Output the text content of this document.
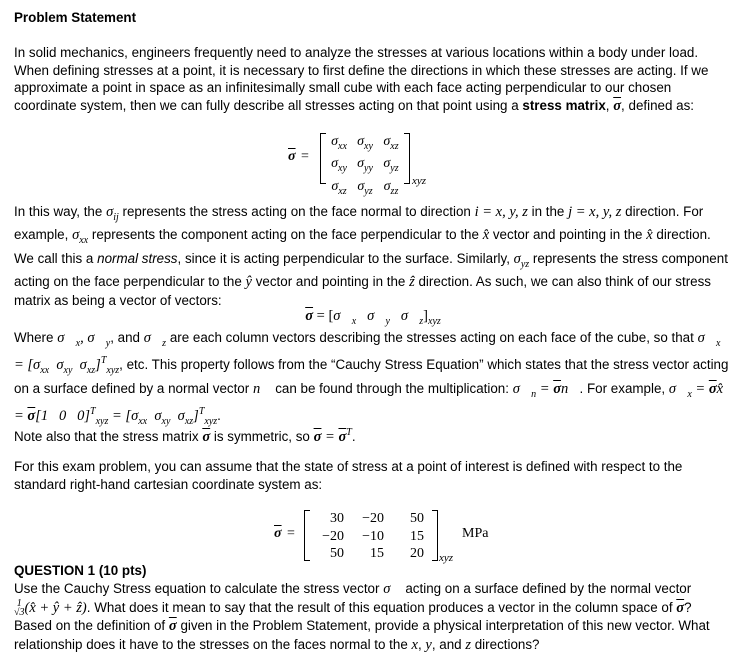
Problem Statement

In solid mechanics, engineers frequently need to analyze the stresses at various locations within a body under load. When defining stresses at a point, it is necessary to first define the directions in which these stresses are acting. If we approximate a point in space as an infinitesimally small cube with each face acting perpendicular to our chosen coordinate system, then we can fully describe all stresses acting on that point using a stress matrix, $\overline{\sigma}$, defined as:

$\overline{\sigma}$ =
$\sigma_{xx}$ $\sigma_{xy}$ $\sigma_{xz}$
$\sigma_{xy}$ $\sigma_{yy}$ $\sigma_{yz}$
$\sigma_{xz}$ $\sigma_{yz}$ $\sigma_{zz}$
xyz

In this way, the $\sigma_{ij}$ represents the stress acting on the face normal to direction i = x, y, z in the j = x, y, z direction. For example, $\sigma_{xx}$ represents the component acting on the face perpendicular to the x̂ vector and pointing in the x̂ direction. We call this a normal stress, since it is acting perpendicular to the surface. Similarly, $\sigma_{yz}$ represents the stress component acting on the face perpendicular to the ŷ vector and pointing in the ẑ direction. As such, we can also think of our stress matrix as being a vector of vectors:

$\overline{\sigma}$ = [$\sigma⃗_x$ $\sigma⃗_y$ $\sigma⃗_z]_{xyz}$

Where $\sigma⃗_x$, $\sigma⃗_y$, and $\sigma⃗_z$ are each column vectors describing the stresses acting on each face of the cube, so that $\sigma⃗_x = [\sigma_{xx}$  $\sigma_{xy}$  $\sigma_{xz}]^T_{xyz}$, etc. This property follows from the “Cauchy Stress Equation” which states that the stress vector acting on a surface defined by a normal vector n⃗ can be found through the multiplication: $\sigma⃗_n$ = $\overline{\sigma}n⃗$. For example, $\sigma⃗_x$ = $\overline{\sigma}x̂ = \overline{\sigma}[1$   0   $0]^T_{xyz} = [\sigma_{xx}$  $\sigma_{xy}$  $\sigma_{xz}]^T_{xyz}$.

Note also that the stress matrix $\overline{\sigma}$ is symmetric, so $\overline{\sigma} = \overline{\sigma}^T$.

For this exam problem, you can assume that the state of stress at a point of interest is defined with respect to the standard right-hand cartesian coordinate system as:

$\overline{\sigma}$ =
30	−20	50
−20	−10	15
50	15	20	xyz
MPa
QUESTION 1 (10 pts)

Use the Cauchy Stress equation to calculate the stress vector σ⃗ acting on a surface defined by the normal vector
1
√3(x̂ + ŷ + ẑ). What does it mean to say that the result of this equation produces a vector in the column space of $\overline{\sigma}$?
Based on the definition of $\overline{\sigma}$ given in the Problem Statement, provide a physical interpretation of this new vector. What relationship does it have to the stresses on the faces normal to the x, y, and z directions?
